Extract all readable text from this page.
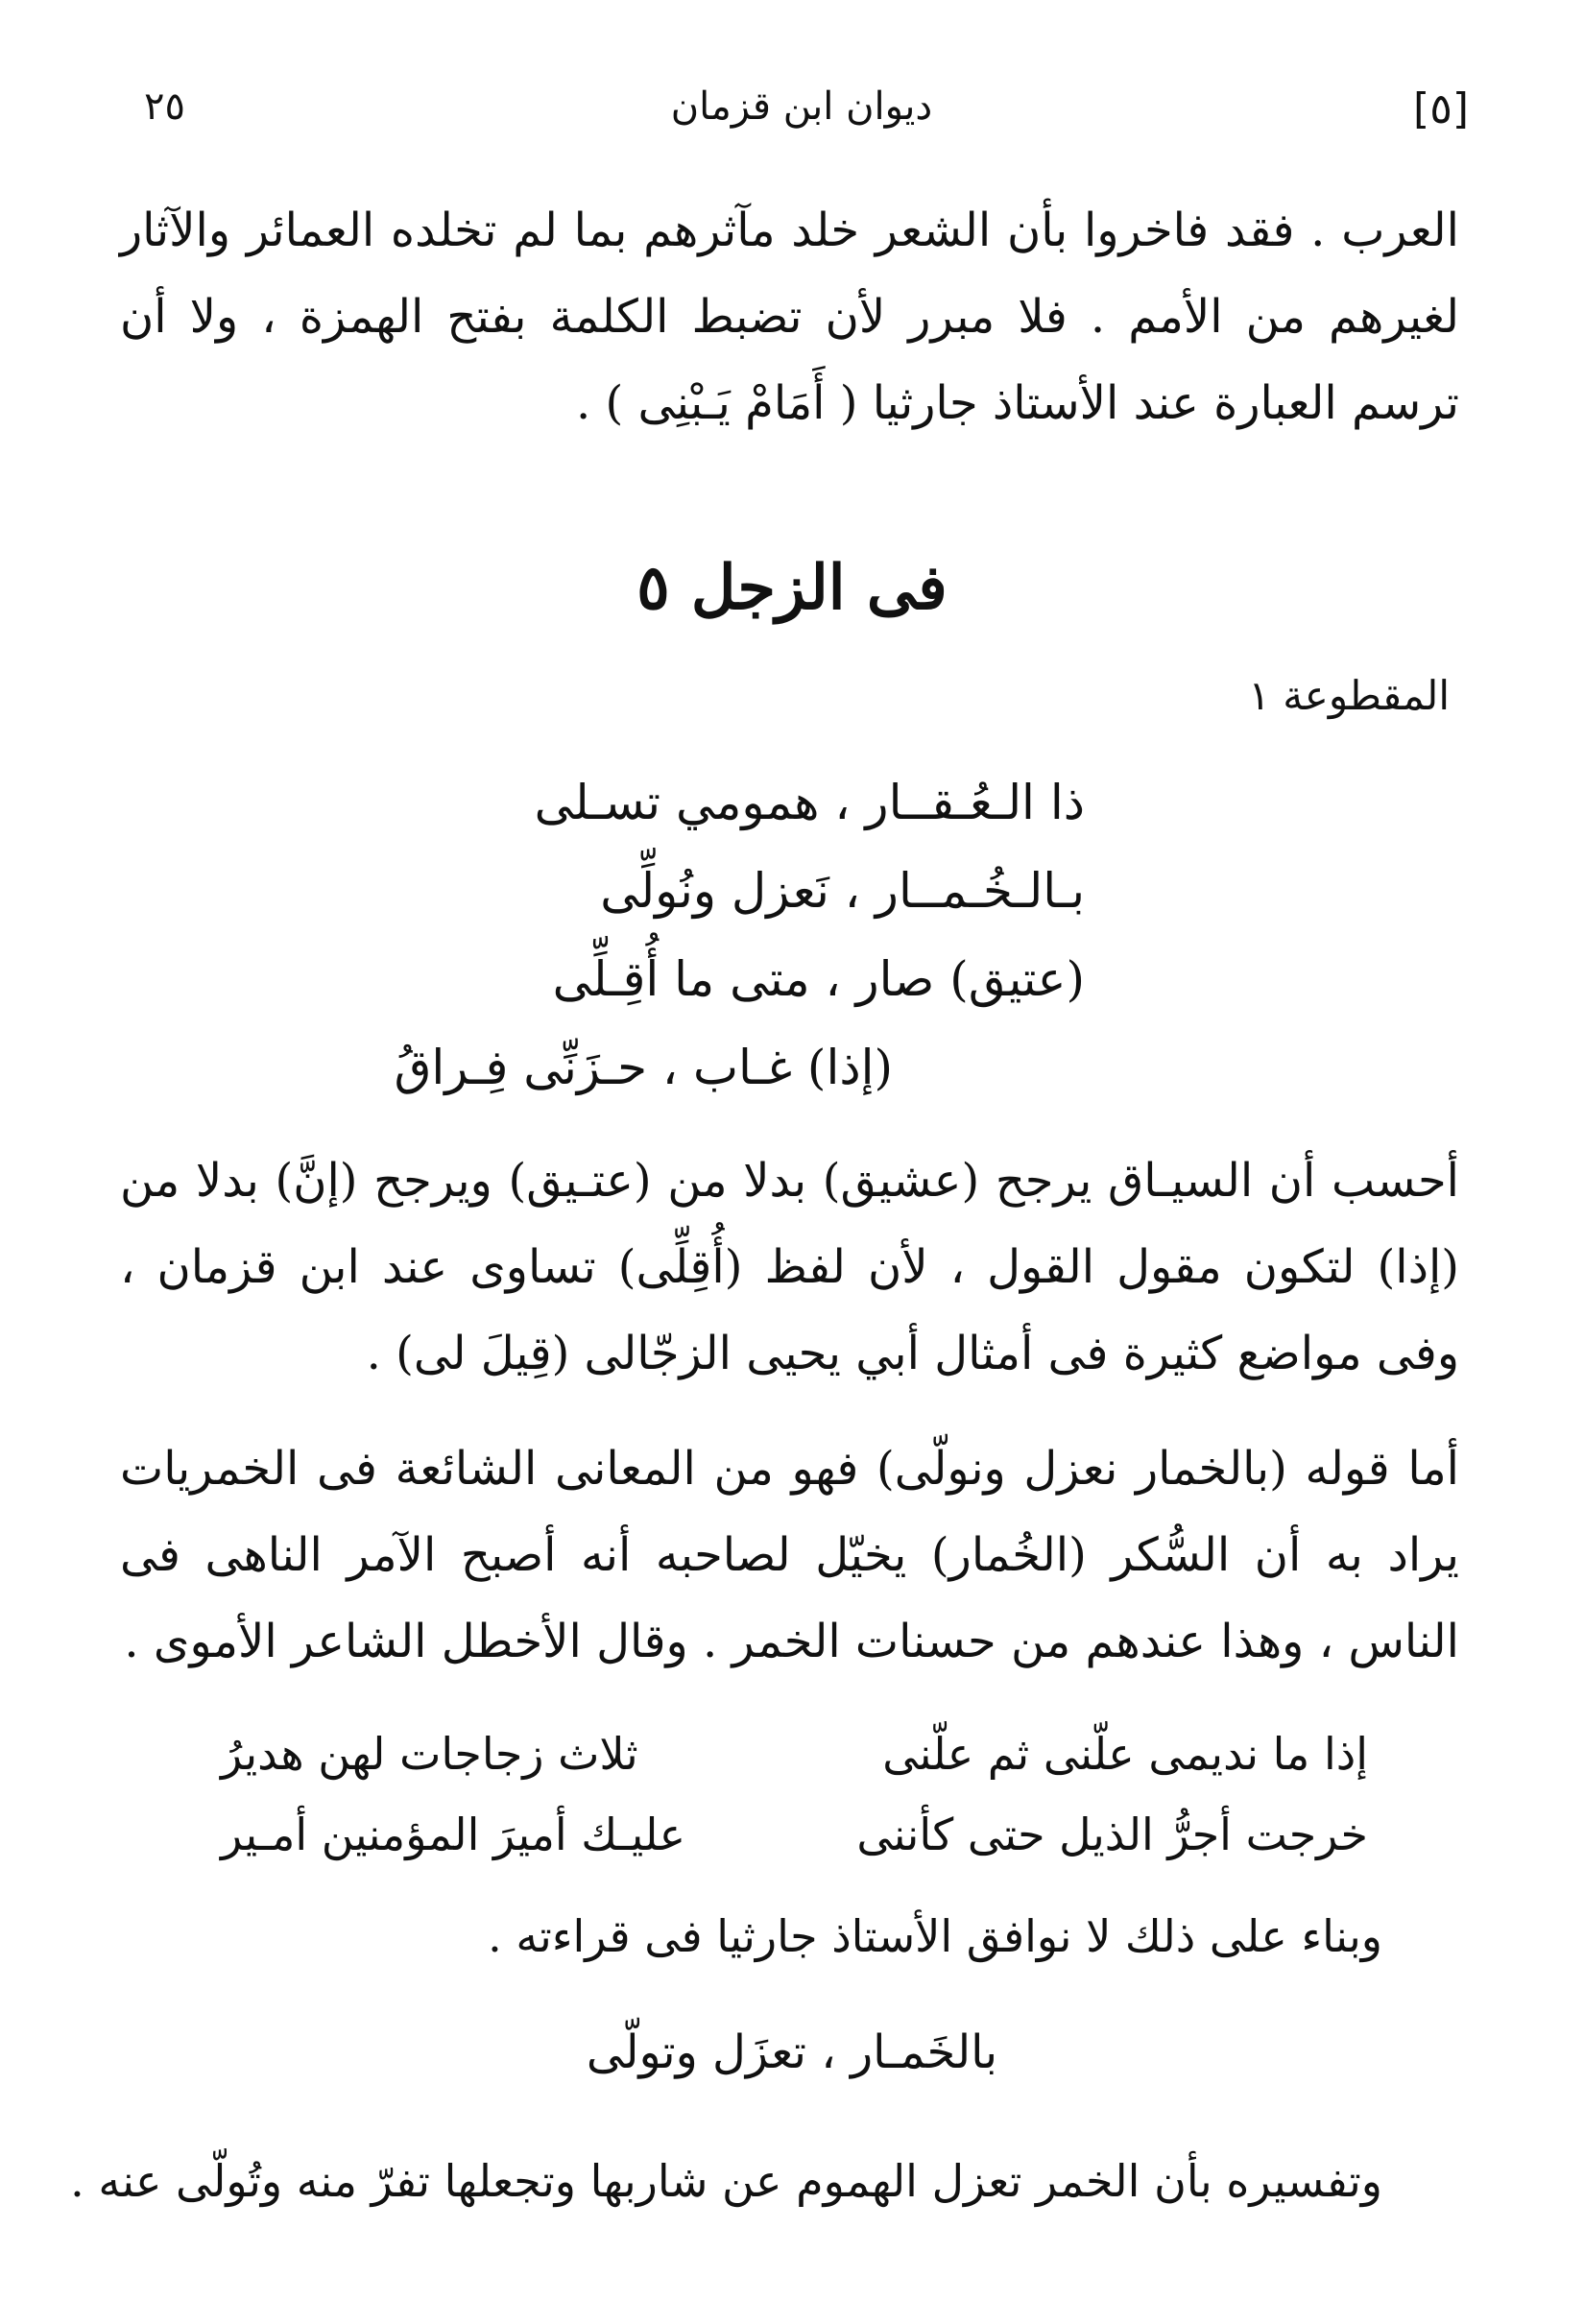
[٥]
ديوان ابن قزمان
٢٥

العرب . فقد فاخروا بأن الشعر خلد مآثرهم بما لم تخلده العمائر والآثار لغيرهم من الأمم . فلا مبرر لأن تضبط الكلمة بفتح الهمزة ، ولا أن ترسم العبارة عند الأستاذ جارثيا ( أَمَامْ يَـبْنِى ) .

فى الزجل ٥
المقطوعة ١
ذا الـعُـقــار ، همومي تسـلى
بـالـخُـمــار ، نَعزل ونُولِّى
(عتيق) صار ، متى ما أُقِـلِّى
(إذا) غـاب ، حـزَنِّى فِـراقُ

أحسب أن السيـاق يرجح (عشيق) بدلا من (عتـيق) ويرجح (إنَّ) بدلا من (إذا) لتكون مقول القول ، لأن لفظ (أُقِلِّى) تساوى عند ابن قزمان ، وفى مواضع كثيرة فى أمثال أبي يحيى الزجّالى (قِيلَ لى) .

أما قوله (بالخمار نعزل ونولّى) فهو من المعانى الشائعة فى الخمريات يراد به أن السُّكر (الخُمار) يخيّل لصاحبه أنه أصبح الآمر الناهى فى الناس ، وهذا عندهم من حسنات الخمر . وقال الأخطل الشاعر الأموى .

إذا ما نديمى علّنى ثم علّنى
ثلاث زجاجات لهن هديرُ
خرجت أجرُّ الذيل حتى كأننى
عليـك أميرَ المؤمنين أمـير
وبناء على ذلك لا نوافق الأستاذ جارثيا فى قراءته .
بالخَمـار ، تعزَل وتولّى
وتفسيره بأن الخمر تعزل الهموم عن شاربها وتجعلها تفرّ منه وتُولّى عنه .
